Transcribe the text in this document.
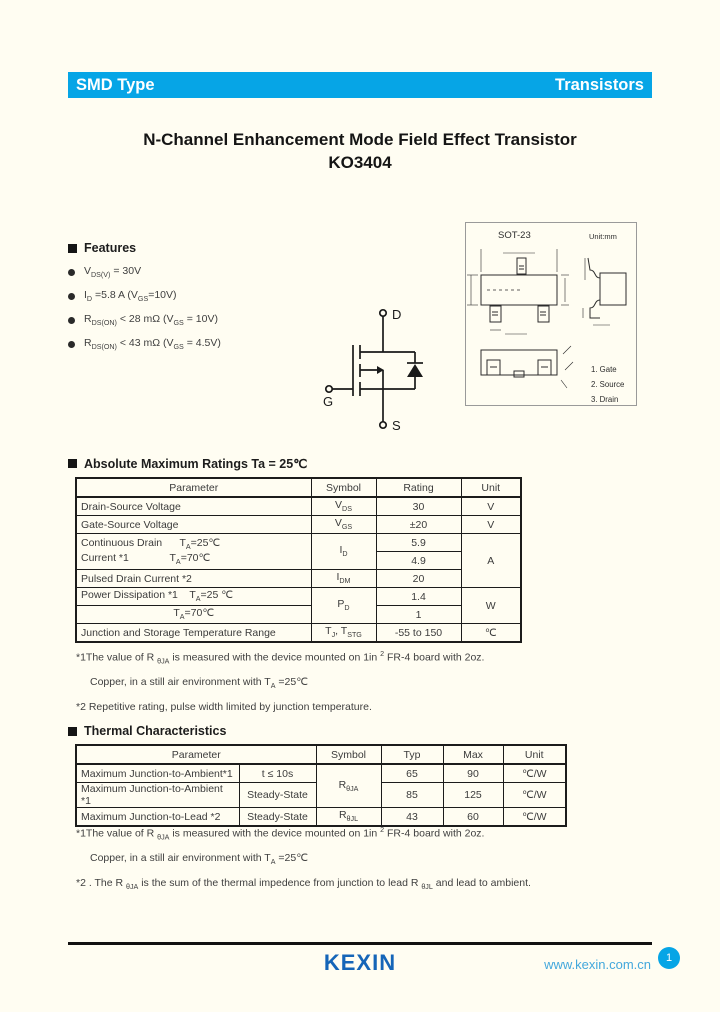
SMD Type	Transistors
N-Channel Enhancement Mode Field Effect Transistor
KO3404
Features
$V_{DS(V)} = 30V$
$I_D =5.8$ A $(V_{GS}=10V)$
$R_{DS(ON)} < 28$ mΩ $(V_{GS} = 10V)$
$R_{DS(ON)} < 43$ mΩ $(V_{GS} = 4.5V)$
D
G
S
SOT-23	Unit:mm
1. Gate
2. Source
3. Drain
Absolute Maximum Ratings Ta = 25℃
Parameter	Symbol	Rating	Unit
Drain-Source Voltage	$V_{DS}$	30	V
Gate-Source Voltage	$V_{GS}$	±20	V

Continuous Drain      $T_A=25℃$
Current *1              $T_A=70℃$	$I_D$	5.9	A
		4.9	
Pulsed Drain Current *2	$I_{DM}$	20	
Power Dissipation *1    $T_A=25$ ℃	$P_D$	1.4	W
$T_A=70℃$		1	
Junction and Storage Temperature Range	$T_J$, $T_{STG}$	-55 to 150	℃
*1The value of R $_{\theta JA}$ is measured with the device mounted on 1in $^2$ FR-4 board with 2oz.
Copper, in a still air environment with $T_A$ =25℃
*2 Repetitive rating, pulse width limited by junction temperature.
Thermal Characteristics
Parameter		Symbol	Typ	Max	Unit
Maximum Junction-to-Ambient*1	t ≤ 10s	$R_{\theta JA}$	65	90	℃/W
Maximum Junction-to-Ambient *1	Steady-State		85	125	℃/W
Maximum Junction-to-Lead *2	Steady-State	$R_{\theta JL}$	43	60	℃/W
*1The value of R $_{\theta JA}$ is measured with the device mounted on 1in $^2$ FR-4 board with 2oz.
Copper, in a still air environment with $T_A$ =25℃
*2 . The R $_{\theta JA}$ is the sum of the thermal impedence from junction to lead R $_{\theta JL}$ and lead to ambient.
KEXIN	www.kexin.com.cn	1
